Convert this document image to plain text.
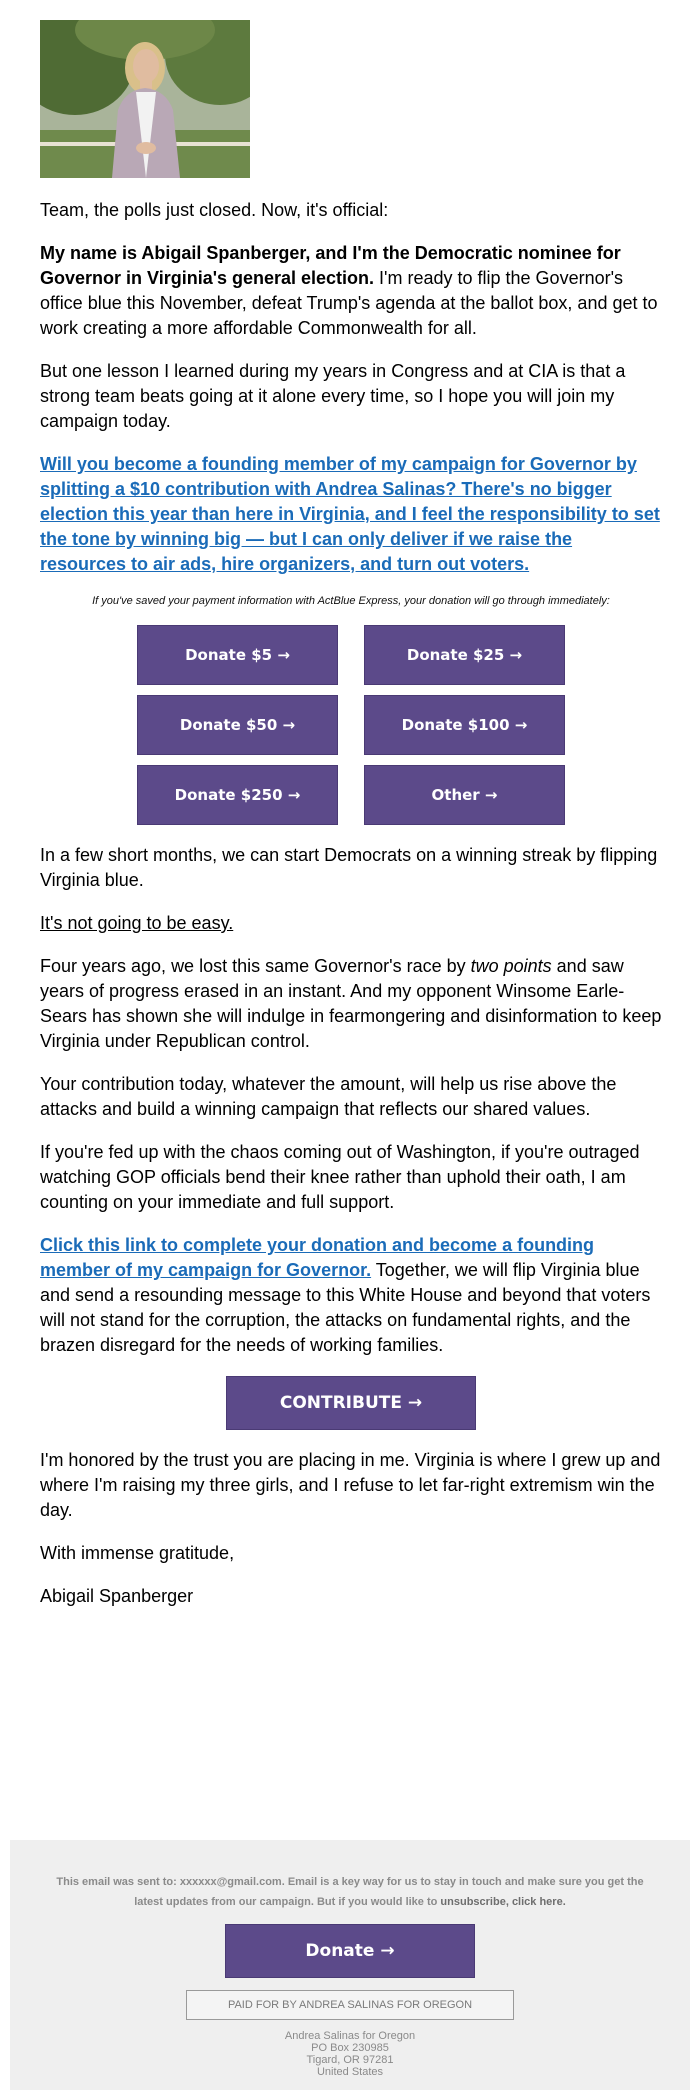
Team, the polls just closed. Now, it's official:

My name is Abigail Spanberger, and I'm the Democratic nominee for Governor in Virginia's general election. I'm ready to flip the Governor's office blue this November, defeat Trump's agenda at the ballot box, and get to work creating a more affordable Commonwealth for all.

But one lesson I learned during my years in Congress and at CIA is that a strong team beats going at it alone every time, so I hope you will join my campaign today.

Will you become a founding member of my campaign for Governor by splitting a $10 contribution with Andrea Salinas? There's no bigger election this year than here in Virginia, and I feel the responsibility to set the tone by winning big — but I can only deliver if we raise the resources to air ads, hire organizers, and turn out voters.

If you've saved your payment information with ActBlue Express, your donation will go through immediately:
Donate $5 →	Donate $25 →
Donate $50 →	Donate $100 →
Donate $250 →	Other →

In a few short months, we can start Democrats on a winning streak by flipping Virginia blue.

It's not going to be easy.

Four years ago, we lost this same Governor's race by two points and saw years of progress erased in an instant. And my opponent Winsome Earle-Sears has shown she will indulge in fearmongering and disinformation to keep Virginia under Republican control.

Your contribution today, whatever the amount, will help us rise above the attacks and build a winning campaign that reflects our shared values.

If you're fed up with the chaos coming out of Washington, if you're outraged watching GOP officials bend their knee rather than uphold their oath, I am counting on your immediate and full support.

Click this link to complete your donation and become a founding member of my campaign for Governor. Together, we will flip Virginia blue and send a resounding message to this White House and beyond that voters will not stand for the corruption, the attacks on fundamental rights, and the brazen disregard for the needs of working families.

CONTRIBUTE →

I'm honored by the trust you are placing in me. Virginia is where I grew up and where I'm raising my three girls, and I refuse to let far-right extremism win the day.

With immense gratitude,

Abigail Spanberger

This email was sent to: xxxxxx@gmail.com. Email is a key way for us to stay in touch and make sure you get the latest updates from our campaign. But if you would like to unsubscribe, click here.
Donate →
PAID FOR BY ANDREA SALINAS FOR OREGON
Andrea Salinas for Oregon
PO Box 230985
Tigard, OR 97281
United States
